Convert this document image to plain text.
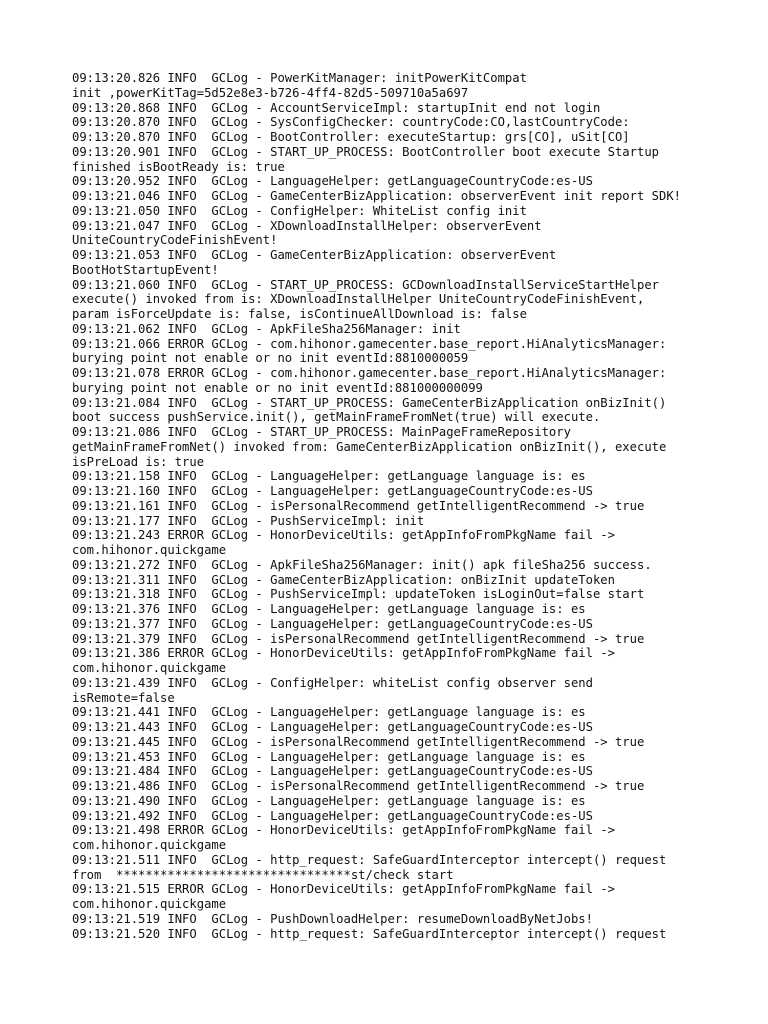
09:13:20.826 INFO  GCLog - PowerKitManager: initPowerKitCompat
init ,powerKitTag=5d52e8e3-b726-4ff4-82d5-509710a5a697
09:13:20.868 INFO  GCLog - AccountServiceImpl: startupInit end not login
09:13:20.870 INFO  GCLog - SysConfigChecker: countryCode:CO,lastCountryCode:
09:13:20.870 INFO  GCLog - BootController: executeStartup: grs[CO], uSit[CO]
09:13:20.901 INFO  GCLog - START_UP_PROCESS: BootController boot execute Startup
finished isBootReady is: true
09:13:20.952 INFO  GCLog - LanguageHelper: getLanguageCountryCode:es-US
09:13:21.046 INFO  GCLog - GameCenterBizApplication: observerEvent init report SDK!
09:13:21.050 INFO  GCLog - ConfigHelper: WhiteList config init
09:13:21.047 INFO  GCLog - XDownloadInstallHelper: observerEvent
UniteCountryCodeFinishEvent!
09:13:21.053 INFO  GCLog - GameCenterBizApplication: observerEvent
BootHotStartupEvent!
09:13:21.060 INFO  GCLog - START_UP_PROCESS: GCDownloadInstallServiceStartHelper
execute() invoked from is: XDownloadInstallHelper UniteCountryCodeFinishEvent,
param isForceUpdate is: false, isContinueAllDownload is: false
09:13:21.062 INFO  GCLog - ApkFileSha256Manager: init
09:13:21.066 ERROR GCLog - com.hihonor.gamecenter.base_report.HiAnalyticsManager:
burying point not enable or no init eventId:8810000059
09:13:21.078 ERROR GCLog - com.hihonor.gamecenter.base_report.HiAnalyticsManager:
burying point not enable or no init eventId:881000000099
09:13:21.084 INFO  GCLog - START_UP_PROCESS: GameCenterBizApplication onBizInit()
boot success pushService.init(), getMainFrameFromNet(true) will execute.
09:13:21.086 INFO  GCLog - START_UP_PROCESS: MainPageFrameRepository
getMainFrameFromNet() invoked from: GameCenterBizApplication onBizInit(), execute
isPreLoad is: true
09:13:21.158 INFO  GCLog - LanguageHelper: getLanguage language is: es
09:13:21.160 INFO  GCLog - LanguageHelper: getLanguageCountryCode:es-US
09:13:21.161 INFO  GCLog - isPersonalRecommend getIntelligentRecommend -> true
09:13:21.177 INFO  GCLog - PushServiceImpl: init
09:13:21.243 ERROR GCLog - HonorDeviceUtils: getAppInfoFromPkgName fail ->
com.hihonor.quickgame
09:13:21.272 INFO  GCLog - ApkFileSha256Manager: init() apk fileSha256 success.
09:13:21.311 INFO  GCLog - GameCenterBizApplication: onBizInit updateToken
09:13:21.318 INFO  GCLog - PushServiceImpl: updateToken isLoginOut=false start
09:13:21.376 INFO  GCLog - LanguageHelper: getLanguage language is: es
09:13:21.377 INFO  GCLog - LanguageHelper: getLanguageCountryCode:es-US
09:13:21.379 INFO  GCLog - isPersonalRecommend getIntelligentRecommend -> true
09:13:21.386 ERROR GCLog - HonorDeviceUtils: getAppInfoFromPkgName fail ->
com.hihonor.quickgame
09:13:21.439 INFO  GCLog - ConfigHelper: whiteList config observer send
isRemote=false
09:13:21.441 INFO  GCLog - LanguageHelper: getLanguage language is: es
09:13:21.443 INFO  GCLog - LanguageHelper: getLanguageCountryCode:es-US
09:13:21.445 INFO  GCLog - isPersonalRecommend getIntelligentRecommend -> true
09:13:21.453 INFO  GCLog - LanguageHelper: getLanguage language is: es
09:13:21.484 INFO  GCLog - LanguageHelper: getLanguageCountryCode:es-US
09:13:21.486 INFO  GCLog - isPersonalRecommend getIntelligentRecommend -> true
09:13:21.490 INFO  GCLog - LanguageHelper: getLanguage language is: es
09:13:21.492 INFO  GCLog - LanguageHelper: getLanguageCountryCode:es-US
09:13:21.498 ERROR GCLog - HonorDeviceUtils: getAppInfoFromPkgName fail ->
com.hihonor.quickgame
09:13:21.511 INFO  GCLog - http_request: SafeGuardInterceptor intercept() request
from  ********************************st/check start
09:13:21.515 ERROR GCLog - HonorDeviceUtils: getAppInfoFromPkgName fail ->
com.hihonor.quickgame
09:13:21.519 INFO  GCLog - PushDownloadHelper: resumeDownloadByNetJobs!
09:13:21.520 INFO  GCLog - http_request: SafeGuardInterceptor intercept() request
